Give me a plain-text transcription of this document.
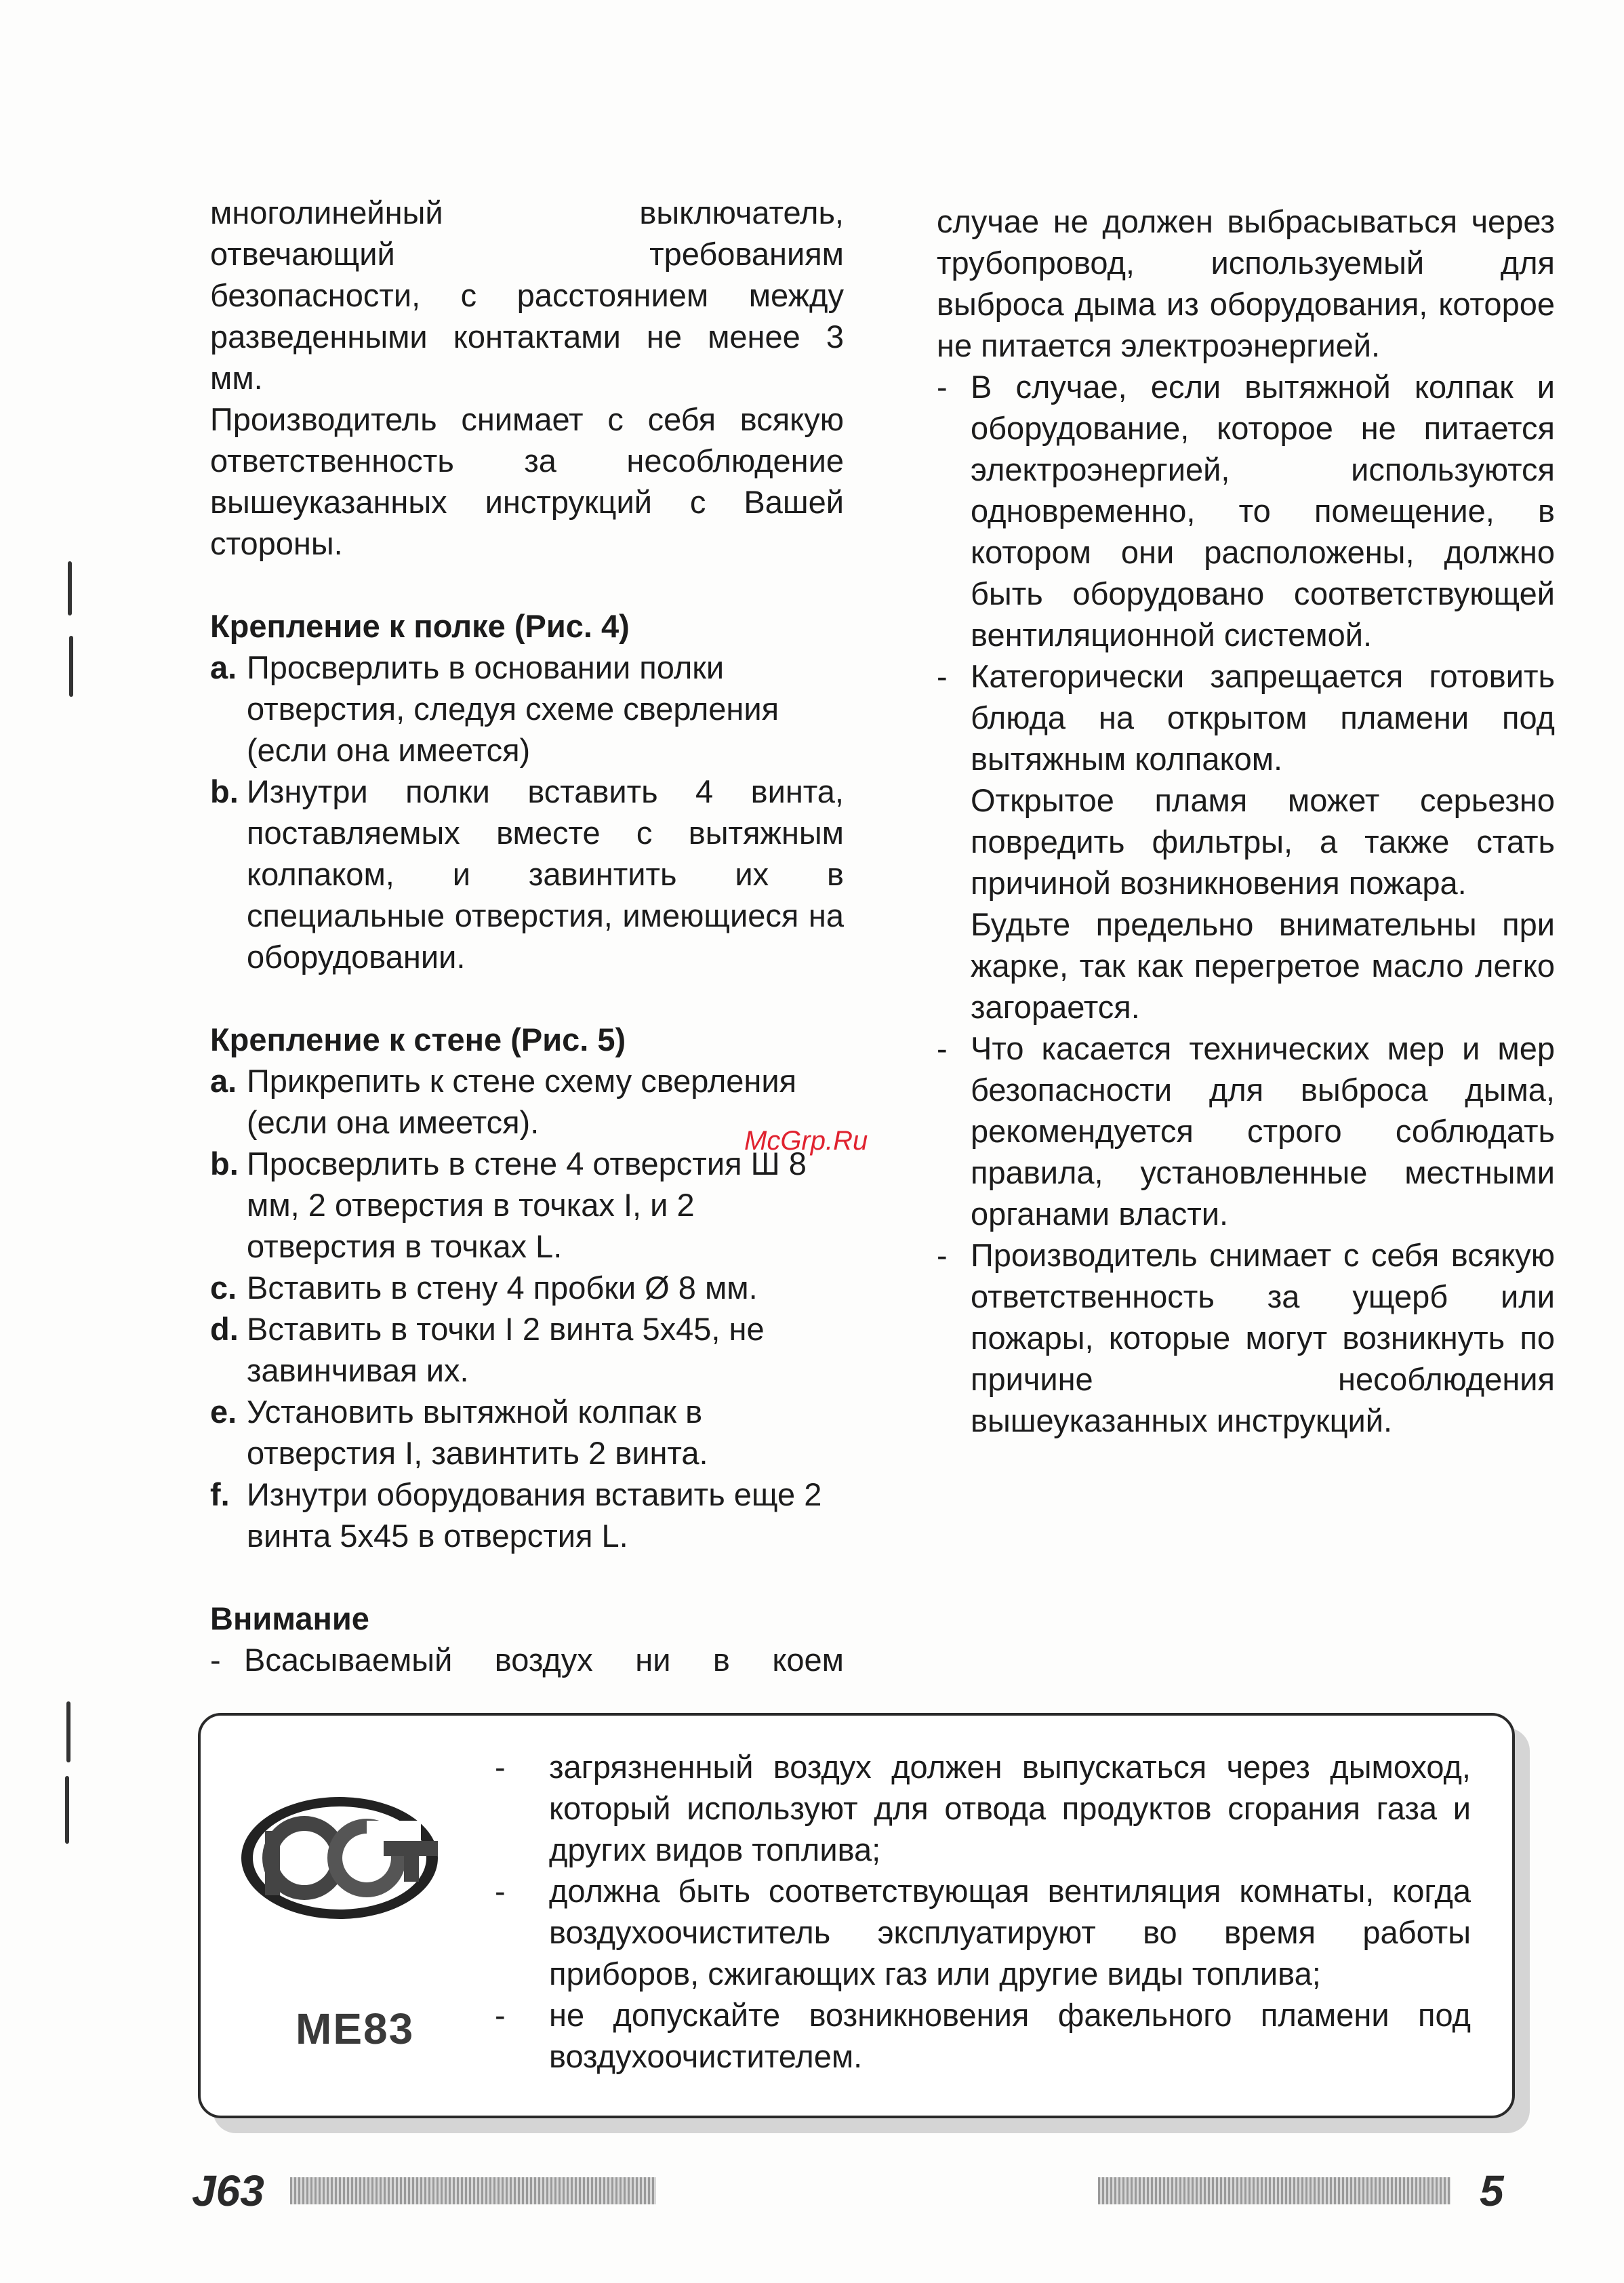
многолинейный выключатель,

отвечающий требованиям

безопасности, с расстоянием между

разведенными контактами не менее 3

мм.

Производитель снимает с себя всякую

ответственность за несоблюдение

вышеуказанных инструкций с Вашей

стороны.

Крепление к полке (Рис. 4)

a. Просверлить в основании полки отверстия, следуя схеме сверления (если она имеется)
b. Изнутри полки вставить 4 винта, поставляемых вместе с вытяжным колпаком, и завинтить их в специальные отверстия, имеющиеся на оборудовании.

Крепление к стене (Рис. 5)

a. Прикрепить к стене схему сверления (если она имеется).
b. Просверлить в стене 4 отверстия Ш 8 мм, 2 отверстия в точках I, и 2 отверстия в точках L.
c. Вставить в стену 4 пробки Ø 8 мм.
d. Вставить в точки I 2 винта 5x45, не завинчивая их.
e. Установить вытяжной колпак в отверстия I, завинтить 2 винта.
f. Изнутри оборудования вставить еще 2 винта 5x45 в отверстия L.

Внимание

- Всасываемый воздух ни в коем

случае не должен выбрасываться через трубопровод, используемый для выброса дыма из оборудования, которое не питается электроэнергией.

- В случае, если вытяжной колпак и оборудование, которое не питается электроэнергией, используются одновременно, то помещение, в котором они расположены, должно быть оборудовано соответствующей вентиляционной системой.

- Категорически запрещается готовить блюда на открытом пламени под вытяжным колпаком.

Открытое пламя может серьезно повредить фильтры, а также стать причиной возникновения пожара.

Будьте предельно внимательны при жарке, так как перегретое масло легко загорается.

- Что касается технических мер и мер безопасности для выброса дыма, рекомендуется строго соблюдать правила, установленные местными органами власти.

- Производитель снимает с себя всякую ответственность за ущерб или пожары, которые могут возникнуть по причине несоблюдения вышеуказанных инструкций.

McGrp.Ru
ME83
-	загрязненный воздух должен выпускаться через дымоход, который используют для отвода продуктов сгорания газа и других видов топлива;
-	должна быть соответствующая вентиляция комнаты, когда воздухоочиститель эксплуатируют во время работы приборов, сжигающих газ или другие виды топлива;
-	не допускайте возникновения факельного пламени под воздухоочистителем.
J63	5
